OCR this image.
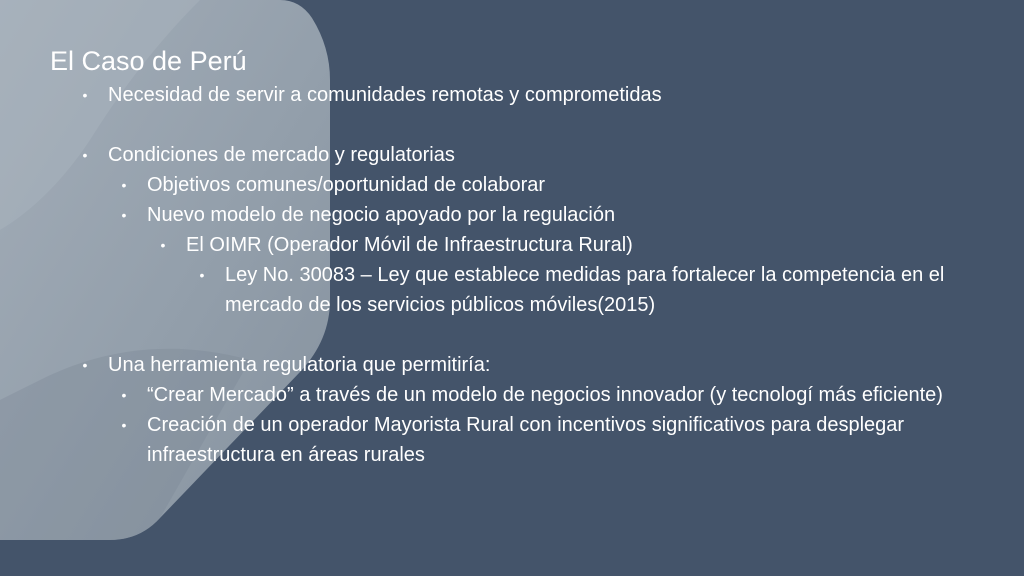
El Caso de Perú
• Necesidad de servir a comunidades remotas y comprometidas
• Condiciones de mercado y regulatorias
• Objetivos comunes/oportunidad de colaborar
• Nuevo modelo de negocio apoyado por la regulación
• El OIMR (Operador Móvil de Infraestructura Rural)
• Ley No. 30083 – Ley que establece medidas para fortalecer la competencia en el mercado de los servicios públicos móviles(2015)
• Una herramienta regulatoria que permitiría:
• “Crear Mercado” a través de un modelo de negocios innovador (y tecnologí más eficiente)
• Creación de un operador Mayorista Rural con incentivos significativos para desplegar infraestructura en áreas rurales
